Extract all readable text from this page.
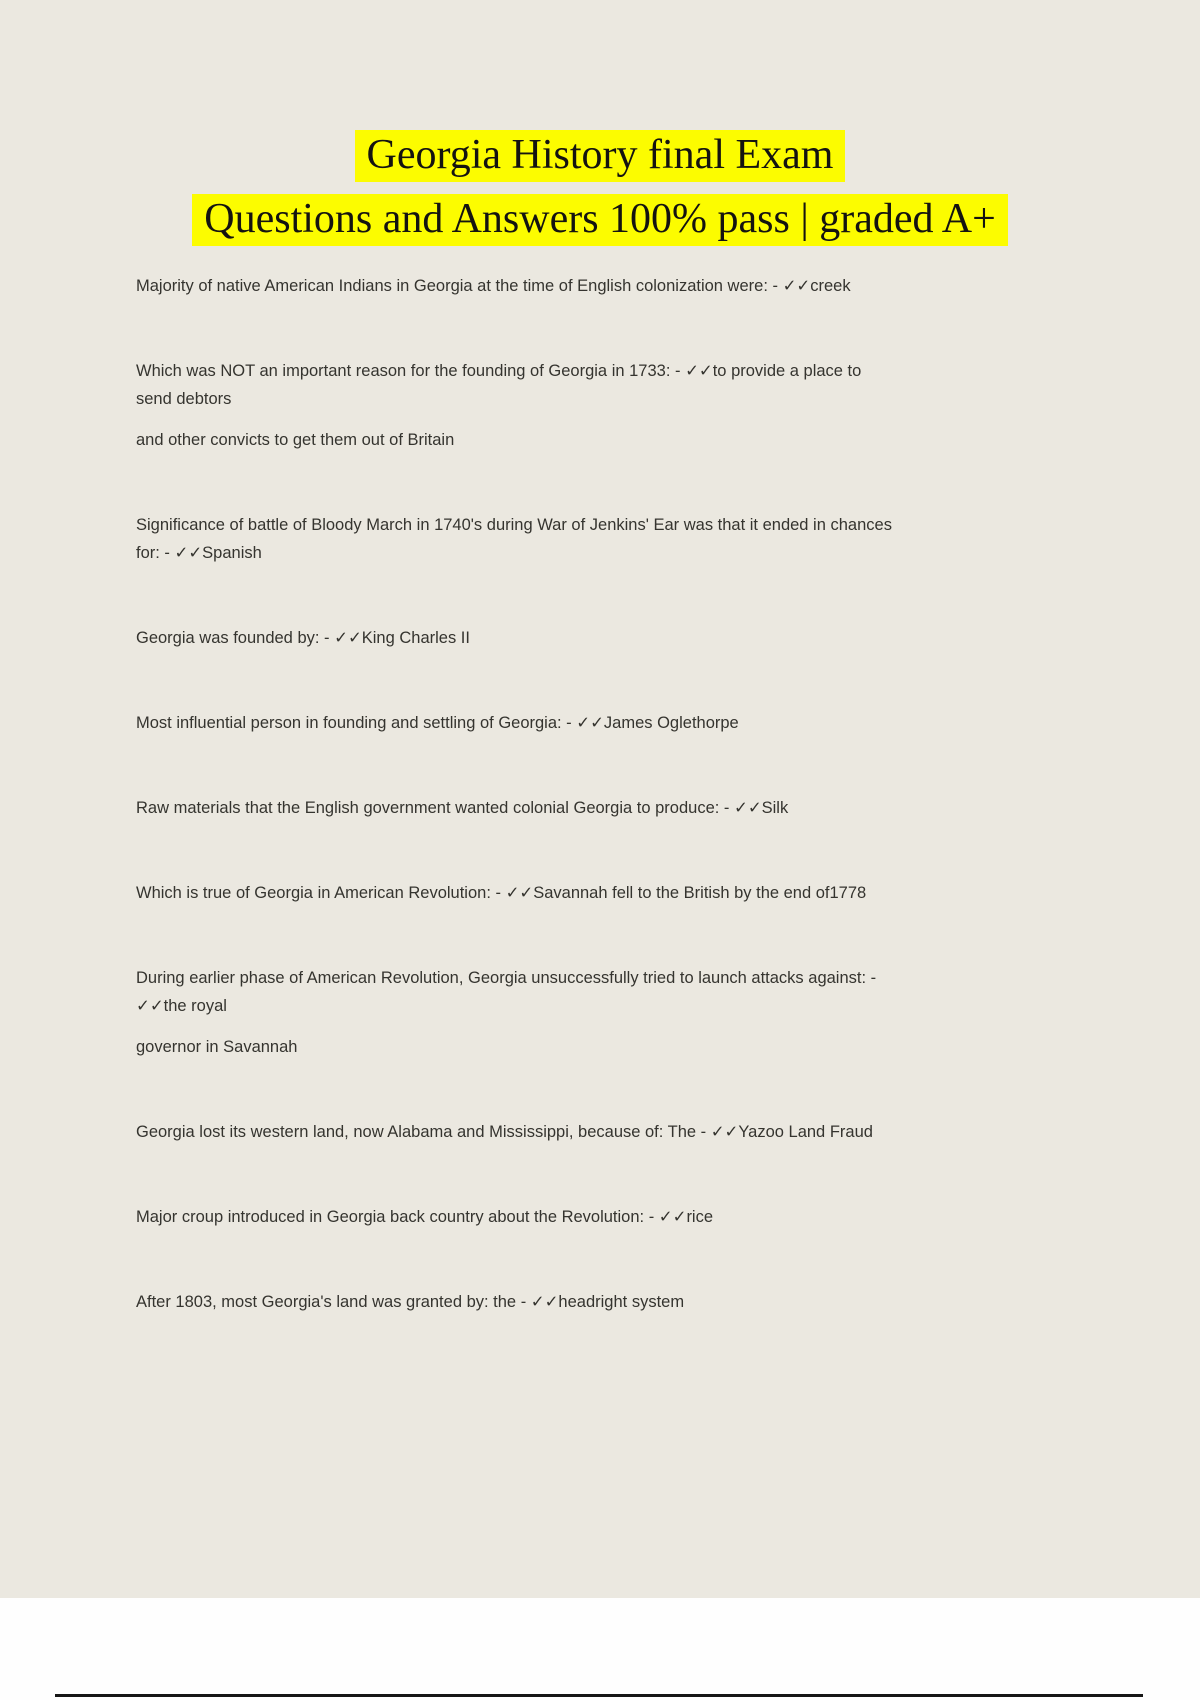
Georgia History final Exam
Questions and Answers 100% pass | graded A+
Majority of native American Indians in Georgia at the time of English colonization were: - ✓✓creek
Which was NOT an important reason for the founding of Georgia in 1733: - ✓✓to provide a place to
send debtors
and other convicts to get them out of Britain
Significance of battle of Bloody March in 1740's during War of Jenkins' Ear was that it ended in chances
for: - ✓✓Spanish
Georgia was founded by: - ✓✓King Charles II
Most influential person in founding and settling of Georgia: - ✓✓James Oglethorpe
Raw materials that the English government wanted colonial Georgia to produce: - ✓✓Silk
Which is true of Georgia in American Revolution: - ✓✓Savannah fell to the British by the end of1778
During earlier phase of American Revolution, Georgia unsuccessfully tried to launch attacks against: -
✓✓the royal
governor in Savannah
Georgia lost its western land, now Alabama and Mississippi, because of: The - ✓✓Yazoo Land Fraud
Major croup introduced in Georgia back country about the Revolution: - ✓✓rice
After 1803, most Georgia's land was granted by: the - ✓✓headright system
